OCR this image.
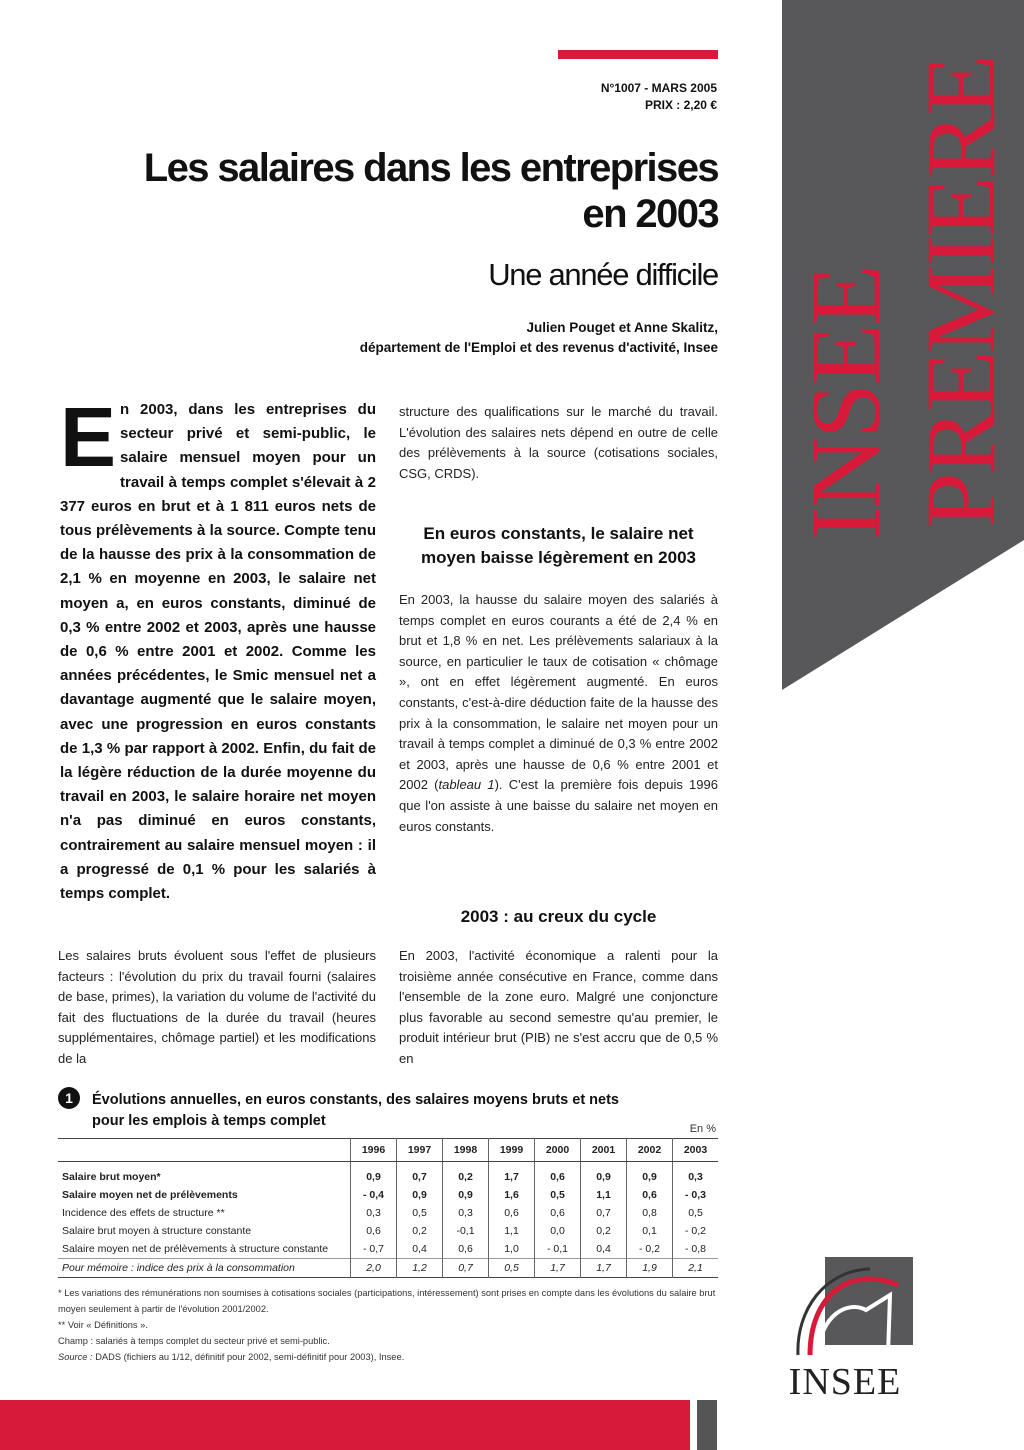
INSEE PREMIERE
N°1007 - MARS 2005
PRIX : 2,20 €
Les salaires dans les entreprises
en 2003
Une année difficile
Julien Pouget et Anne Skalitz,
département de l'Emploi et des revenus d'activité, Insee
En 2003, dans les entreprises du secteur privé et semi-public, le salaire mensuel moyen pour un travail à temps complet s'élevait à 2 377 euros en brut et à 1 811 euros nets de tous prélèvements à la source. Compte tenu de la hausse des prix à la consommation de 2,1 % en moyenne en 2003, le salaire net moyen a, en euros constants, diminué de 0,3 % entre 2002 et 2003, après une hausse de 0,6 % entre 2001 et 2002. Comme les années précédentes, le Smic mensuel net a davantage augmenté que le salaire moyen, avec une progression en euros constants de 1,3 % par rapport à 2002. Enfin, du fait de la légère réduction de la durée moyenne du travail en 2003, le salaire horaire net moyen n'a pas diminué en euros constants, contrairement au salaire mensuel moyen : il a progressé de 0,1 % pour les salariés à temps complet.
structure des qualifications sur le marché du travail. L'évolution des salaires nets dépend en outre de celle des prélèvements à la source (cotisations sociales, CSG, CRDS).
En euros constants, le salaire net moyen baisse légèrement en 2003
En 2003, la hausse du salaire moyen des salariés à temps complet en euros courants a été de 2,4 % en brut et 1,8 % en net. Les prélèvements salariaux à la source, en particulier le taux de cotisation « chômage », ont en effet légèrement augmenté. En euros constants, c'est-à-dire déduction faite de la hausse des prix à la consommation, le salaire net moyen pour un travail à temps complet a diminué de 0,3 % entre 2002 et 2003, après une hausse de 0,6 % entre 2001 et 2002 (tableau 1). C'est la première fois depuis 1996 que l'on assiste à une baisse du salaire net moyen en euros constants.
2003 : au creux du cycle
Les salaires bruts évoluent sous l'effet de plusieurs facteurs : l'évolution du prix du travail fourni (salaires de base, primes), la variation du volume de l'activité du fait des fluctuations de la durée du travail (heures supplémentaires, chômage partiel) et les modifications de la
En 2003, l'activité économique a ralenti pour la troisième année consécutive en France, comme dans l'ensemble de la zone euro. Malgré une conjoncture plus favorable au second semestre qu'au premier, le produit intérieur brut (PIB) ne s'est accru que de 0,5 % en
1	Évolutions annuelles, en euros constants, des salaires moyens bruts et nets
pour les emplois à temps complet	En %
	1996	1997	1998	1999	2000	2001	2002	2003
Salaire brut moyen*	0,9	0,7	0,2	1,7	0,6	0,9	0,9	0,3
Salaire moyen net de prélèvements	- 0,4	0,9	0,9	1,6	0,5	1,1	0,6	- 0,3
Incidence des effets de structure **	0,3	0,5	0,3	0,6	0,6	0,7	0,8	0,5
Salaire brut moyen à structure constante	0,6	0,2	-0,1	1,1	0,0	0,2	0,1	- 0,2
Salaire moyen net de prélèvements à structure constante	- 0,7	0,4	0,6	1,0	- 0,1	0,4	- 0,2	- 0,8
Pour mémoire : indice des prix à la consommation	2,0	1,2	0,7	0,5	1,7	1,7	1,9	2,1
* Les variations des rémunérations non soumises à cotisations sociales (participations, intéressement) sont prises en compte dans les évolutions du salaire brut moyen seulement à partir de l'évolution 2001/2002.
** Voir « Définitions ».
Champ : salariés à temps complet du secteur privé et semi-public.
Source : DADS (fichiers au 1/12, définitif pour 2002, semi-définitif pour 2003), Insee.
INSEE
